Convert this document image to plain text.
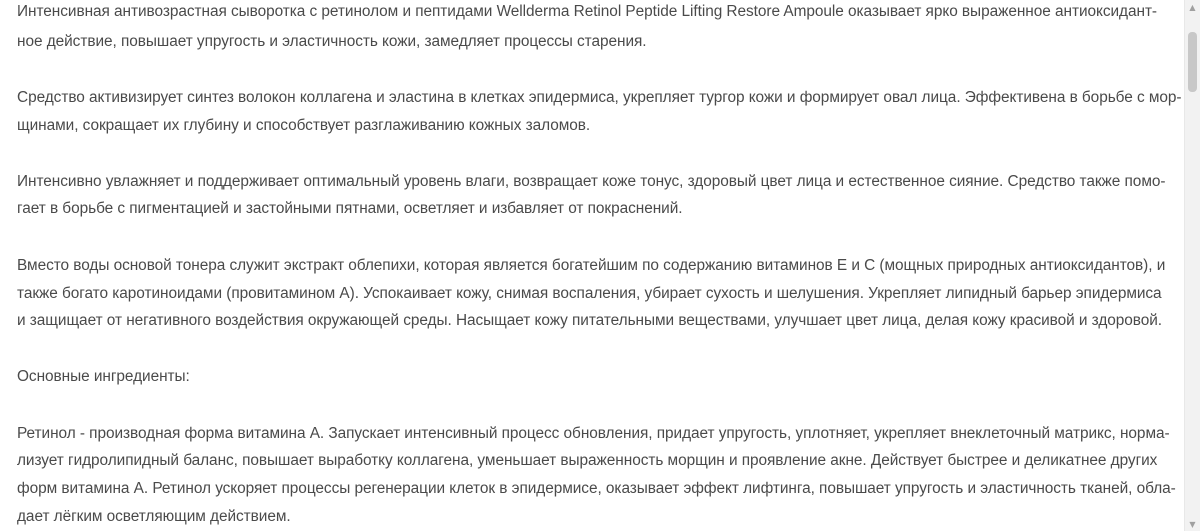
Интенсивная антивозрастная сыворотка с ретинолом и пептидами Wellderma Retinol Peptide Lifting Restore Ampoule оказывает ярко выраженное антиоксидант-

ное действие, повышает упругость и эластичность кожи, замедляет процессы старения.

Средство активизирует синтез волокон коллагена и эластина в клетках эпидермиса, укрепляет тургор кожи и формирует овал лица. Эффективена в борьбе с мор-

щинами, сокращает их глубину и способствует разглаживанию кожных заломов.

Интенсивно увлажняет и поддерживает оптимальный уровень влаги, возвращает коже тонус, здоровый цвет лица и естественное сияние. Средство также помо-

гает в борьбе с пигментацией и застойными пятнами, осветляет и избавляет от покраснений.

Вместо воды основой тонера служит экстракт облепихи, которая является богатейшим по содержанию витаминов Е и С (мощных природных антиоксидантов), и

также богато каротиноидами (провитамином А). Успокаивает кожу, снимая воспаления, убирает сухость и шелушения. Укрепляет липидный барьер эпидермиса

и защищает от негативного воздействия окружающей среды. Насыщает кожу питательными веществами, улучшает цвет лица, делая кожу красивой и здоровой.

Основные ингредиенты:

Ретинол - производная форма витамина А. Запускает интенсивный процесс обновления, придает упругость, уплотняет, укрепляет внеклеточный матрикс, норма-

лизует гидролипидный баланс, повышает выработку коллагена, уменьшает выраженность морщин и проявление акне. Действует быстрее и деликатнее других

форм витамина А. Ретинол ускоряет процессы регенерации клеток в эпидермисе, оказывает эффект лифтинга, повышает упругость и эластичность тканей, обла-

дает лёгким осветляющим действием.

▲
▼
